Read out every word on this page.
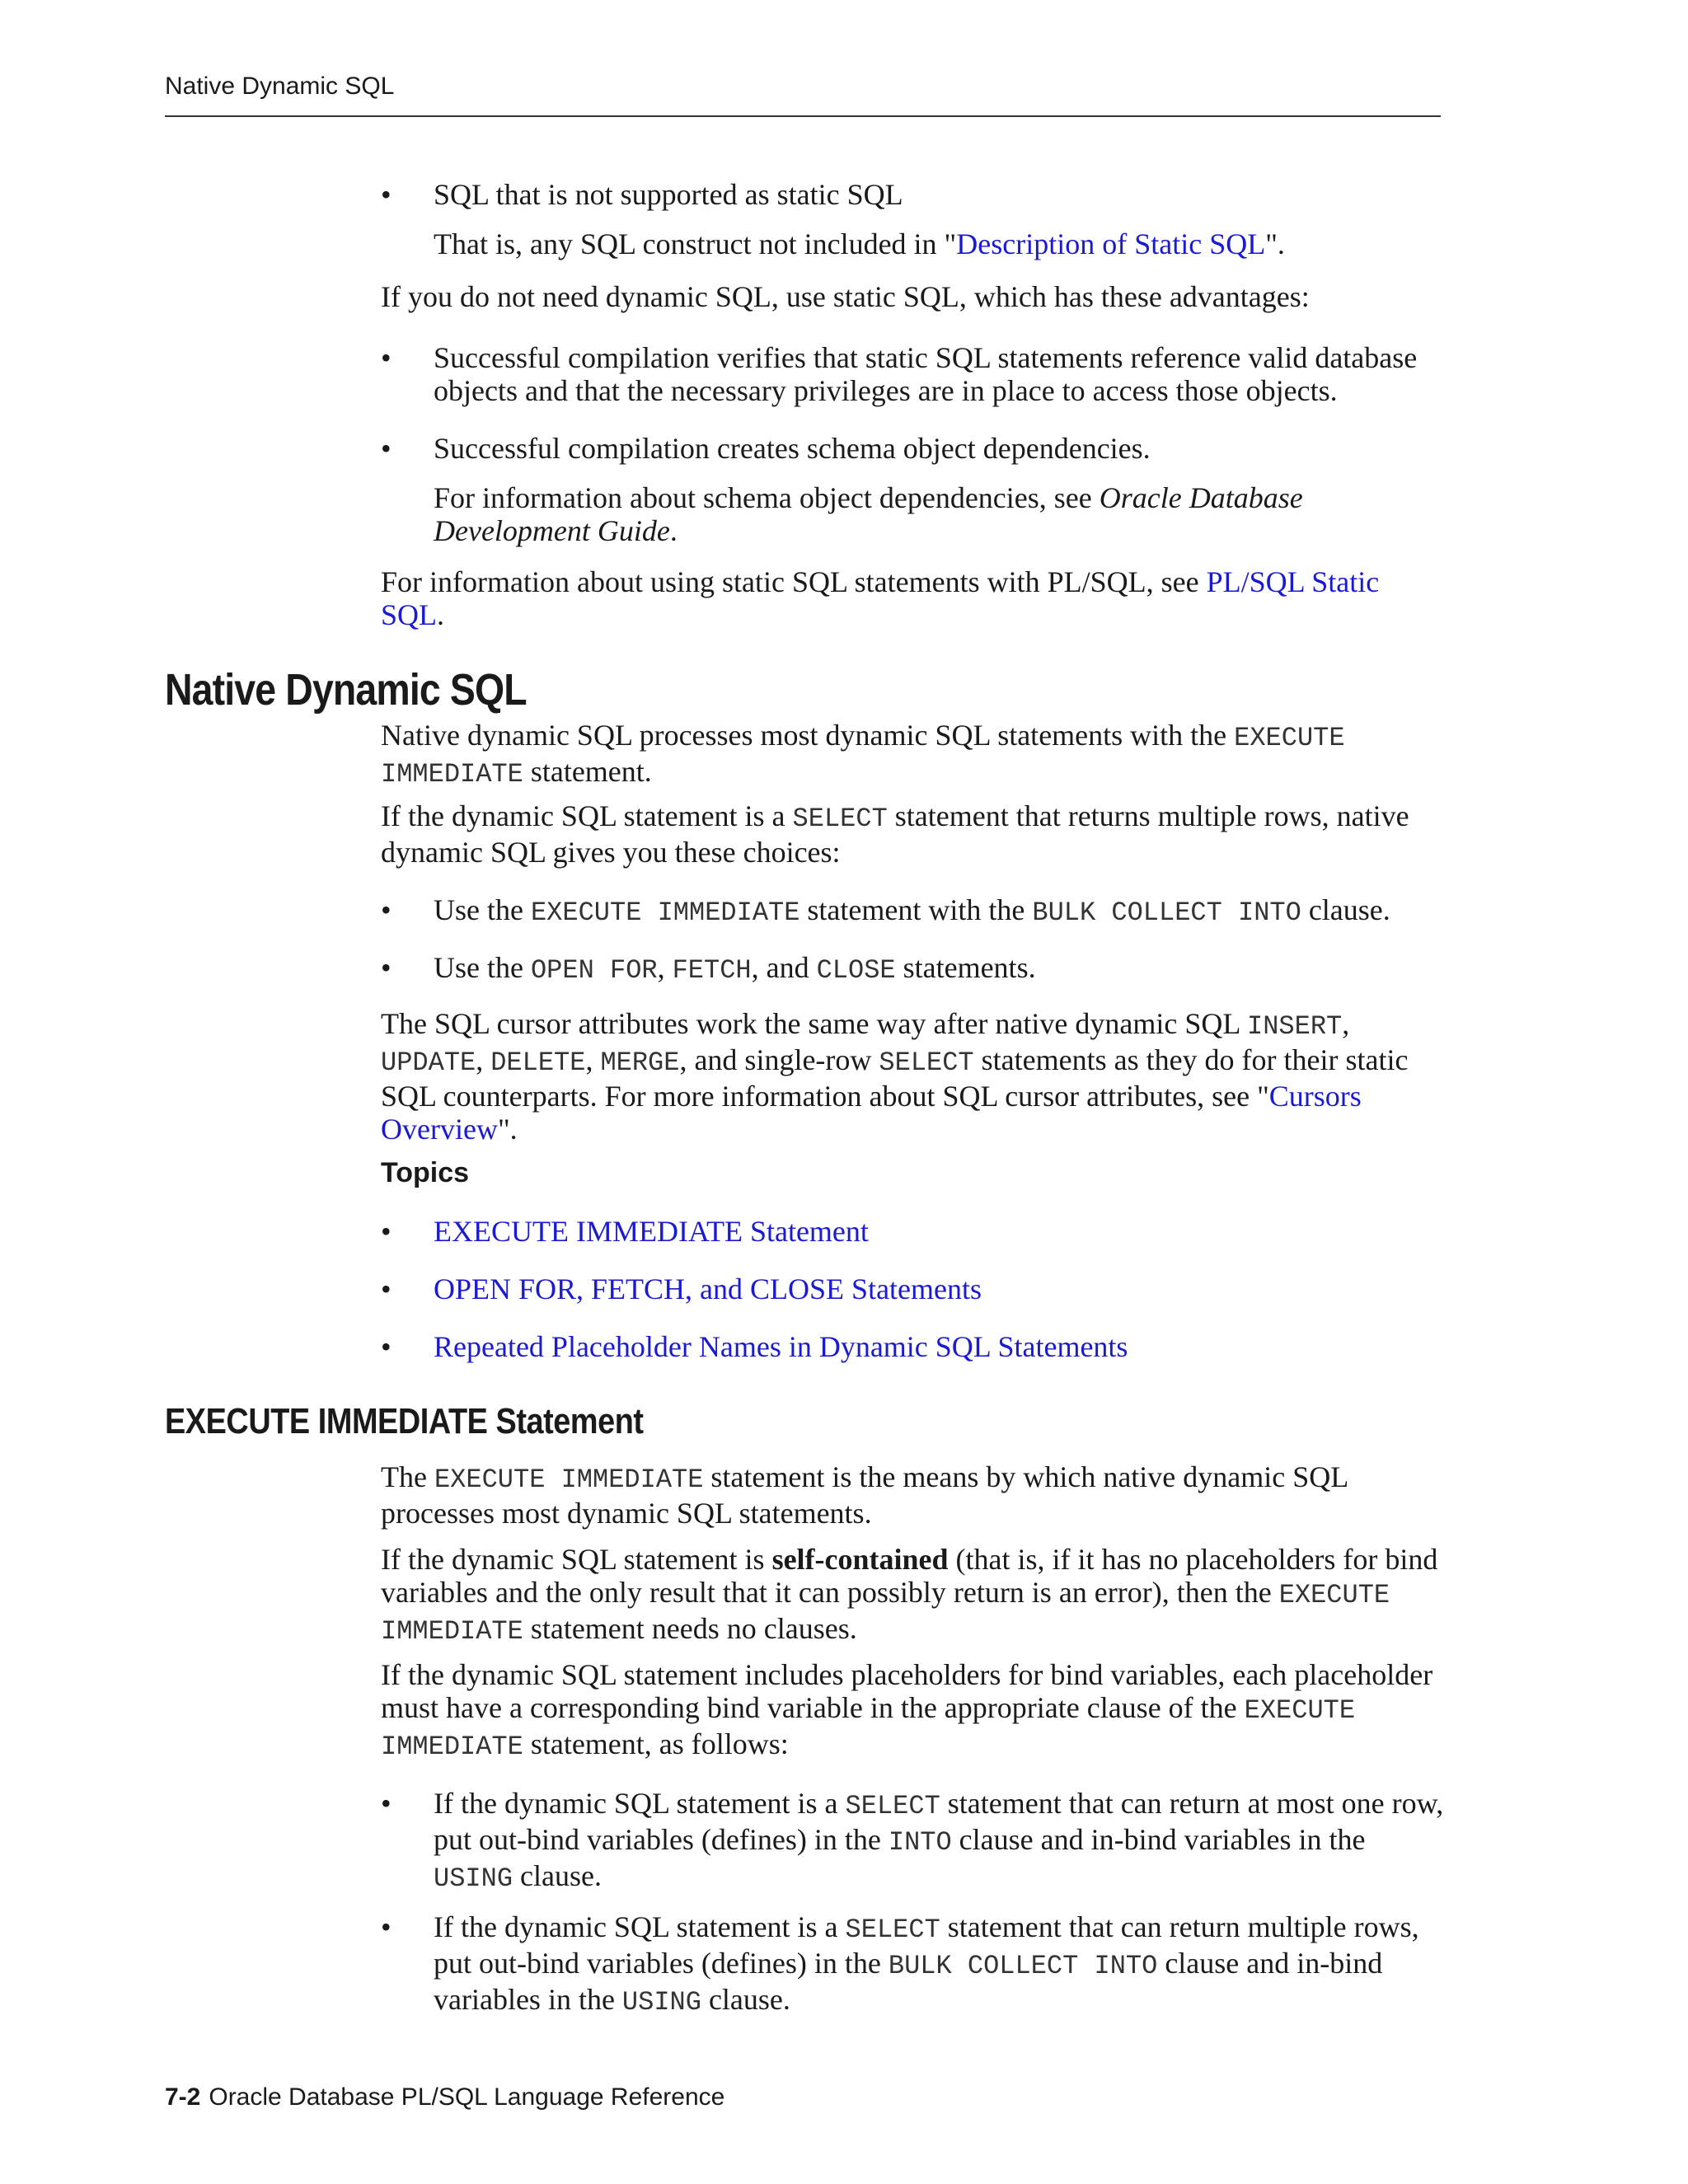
Native Dynamic SQL
•	SQL that is not supported as static SQL
That is, any SQL construct not included in "Description of Static SQL".
If you do not need dynamic SQL, use static SQL, which has these advantages:
•	Successful compilation verifies that static SQL statements reference valid database objects and that the necessary privileges are in place to access those objects.
•	Successful compilation creates schema object dependencies.
For information about schema object dependencies, see Oracle Database Development Guide.
For information about using static SQL statements with PL/SQL, see PL/SQL Static SQL.
Native Dynamic SQL
Native dynamic SQL processes most dynamic SQL statements with the EXECUTE IMMEDIATE statement.
If the dynamic SQL statement is a SELECT statement that returns multiple rows, native dynamic SQL gives you these choices:
•	Use the EXECUTE IMMEDIATE statement with the BULK COLLECT INTO clause.
•	Use the OPEN FOR, FETCH, and CLOSE statements.
The SQL cursor attributes work the same way after native dynamic SQL INSERT, UPDATE, DELETE, MERGE, and single-row SELECT statements as they do for their static SQL counterparts. For more information about SQL cursor attributes, see "Cursors Overview".
Topics
•	EXECUTE IMMEDIATE Statement
•	OPEN FOR, FETCH, and CLOSE Statements
•	Repeated Placeholder Names in Dynamic SQL Statements
EXECUTE IMMEDIATE Statement
The EXECUTE IMMEDIATE statement is the means by which native dynamic SQL processes most dynamic SQL statements.
If the dynamic SQL statement is self-contained (that is, if it has no placeholders for bind variables and the only result that it can possibly return is an error), then the EXECUTE IMMEDIATE statement needs no clauses.
If the dynamic SQL statement includes placeholders for bind variables, each placeholder must have a corresponding bind variable in the appropriate clause of the EXECUTE IMMEDIATE statement, as follows:
•	If the dynamic SQL statement is a SELECT statement that can return at most one row, put out-bind variables (defines) in the INTO clause and in-bind variables in the USING clause.
•	If the dynamic SQL statement is a SELECT statement that can return multiple rows, put out-bind variables (defines) in the BULK COLLECT INTO clause and in-bind variables in the USING clause.
7-2 Oracle Database PL/SQL Language Reference
